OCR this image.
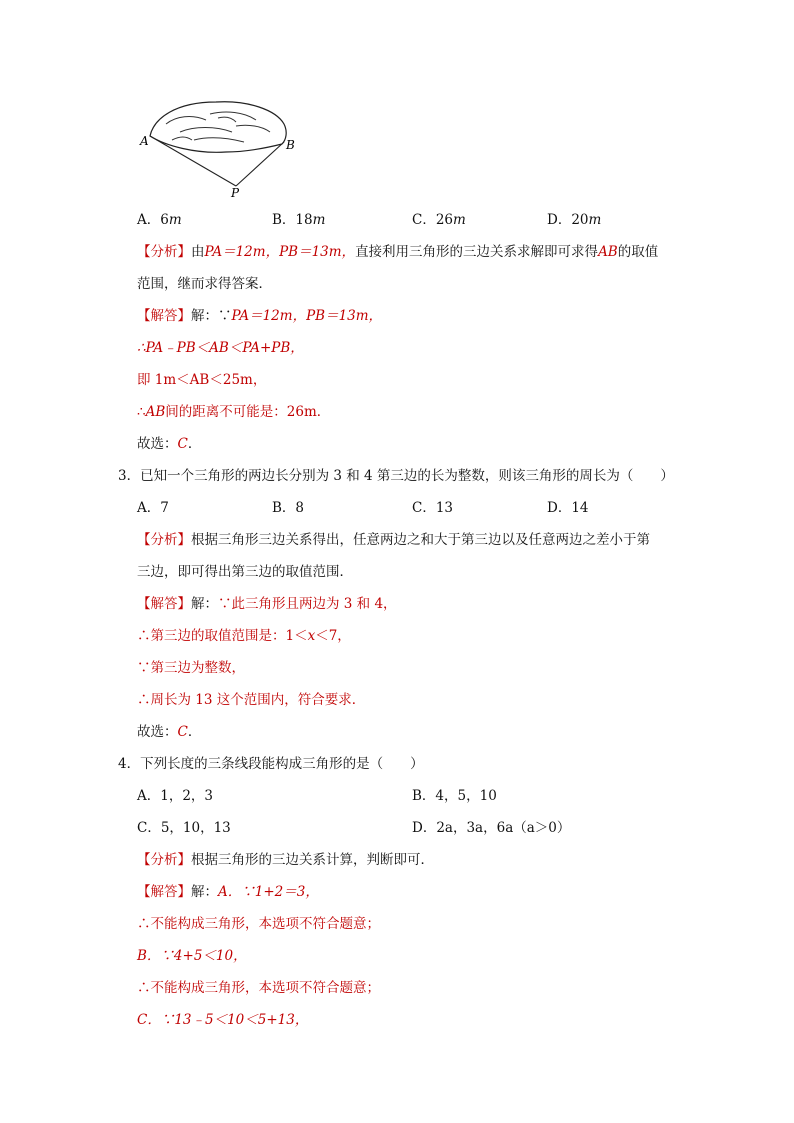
A	B
P
A．6m	B．18m	C．26m	D．20m
【分析】由PA＝12m，PB＝13m，直接利用三角形的三边关系求解即可求得AB的取值
范围，继而求得答案．
【解答】解：∵PA＝12m，PB＝13m，
∴PA﹣PB＜AB＜PA+PB，
即 1m＜AB＜25m，
∴AB间的距离不可能是：26m．
故选：C．
3．已知一个三角形的两边长分别为 3 和 4 第三边的长为整数，则该三角形的周长为（　　）
A．7	B．8	C．13	D．14
【分析】根据三角形三边关系得出，任意两边之和大于第三边以及任意两边之差小于第
三边，即可得出第三边的取值范围．
【解答】解：∵此三角形且两边为 3 和 4，
∴第三边的取值范围是：1＜x＜7，
∵第三边为整数，
∴周长为 13 这个范围内，符合要求．
故选：C．
4．下列长度的三条线段能构成三角形的是（　　）
A．1，2，3	B．4，5，10
C．5，10，13	D．2a，3a，6a（a＞0）
【分析】根据三角形的三边关系计算，判断即可．
【解答】解：A．∵1+2＝3，
∴不能构成三角形，本选项不符合题意；
B．∵4+5＜10，
∴不能构成三角形，本选项不符合题意；
C．∵13﹣5＜10＜5+13，
